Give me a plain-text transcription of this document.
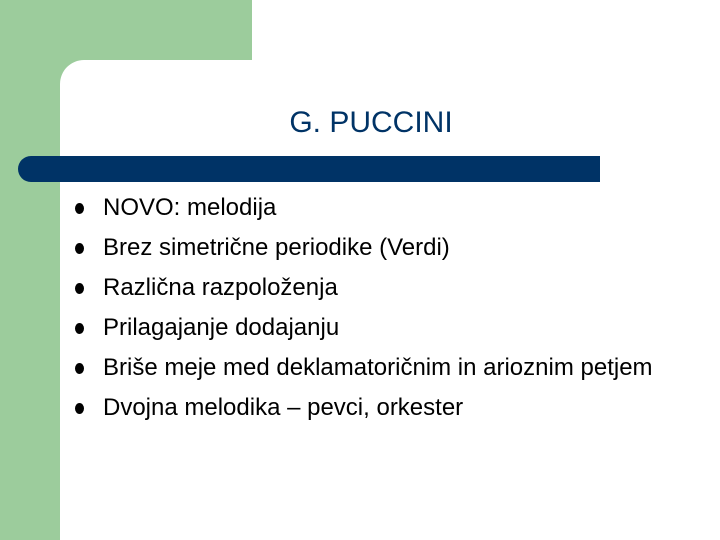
G. PUCCINI
NOVO: melodija
Brez simetrične periodike (Verdi)
Različna razpoloženja
Prilagajanje dodajanju
Briše meje med deklamatoričnim in arioznim petjem
Dvojna melodika – pevci, orkester
